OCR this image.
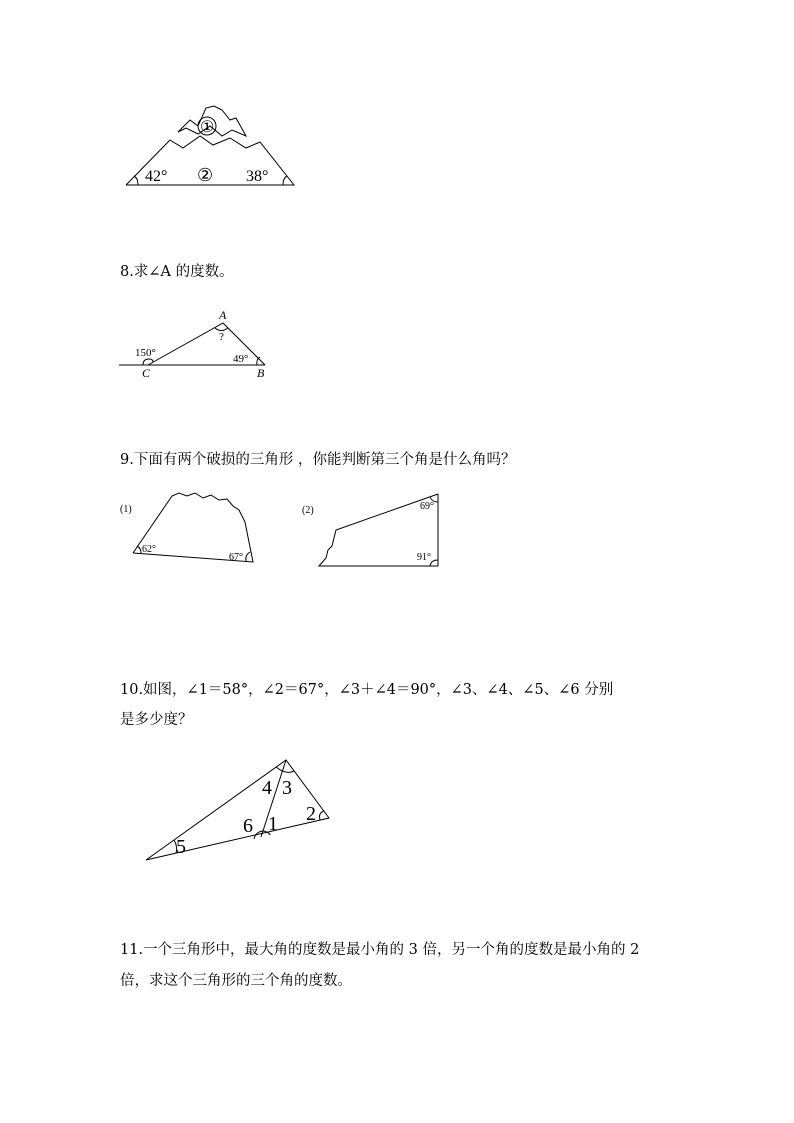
①
②
42°	38°
8.求∠A 的度数。
A
B
C
150°	49°
?
9.下面有两个破损的三角形 ，你能判断第三个角是什么角吗？
(1)
62°
67°
(2)	69°
91°
10.如图，∠1＝58°，∠2＝67°，∠3＋∠4＝90°，∠3、∠4、∠5、∠6 分别
是多少度？
4 3
6 1 2
5
11.一个三角形中，最大角的度数是最小角的 3 倍，另一个角的度数是最小角的 2
倍，求这个三角形的三个角的度数。
